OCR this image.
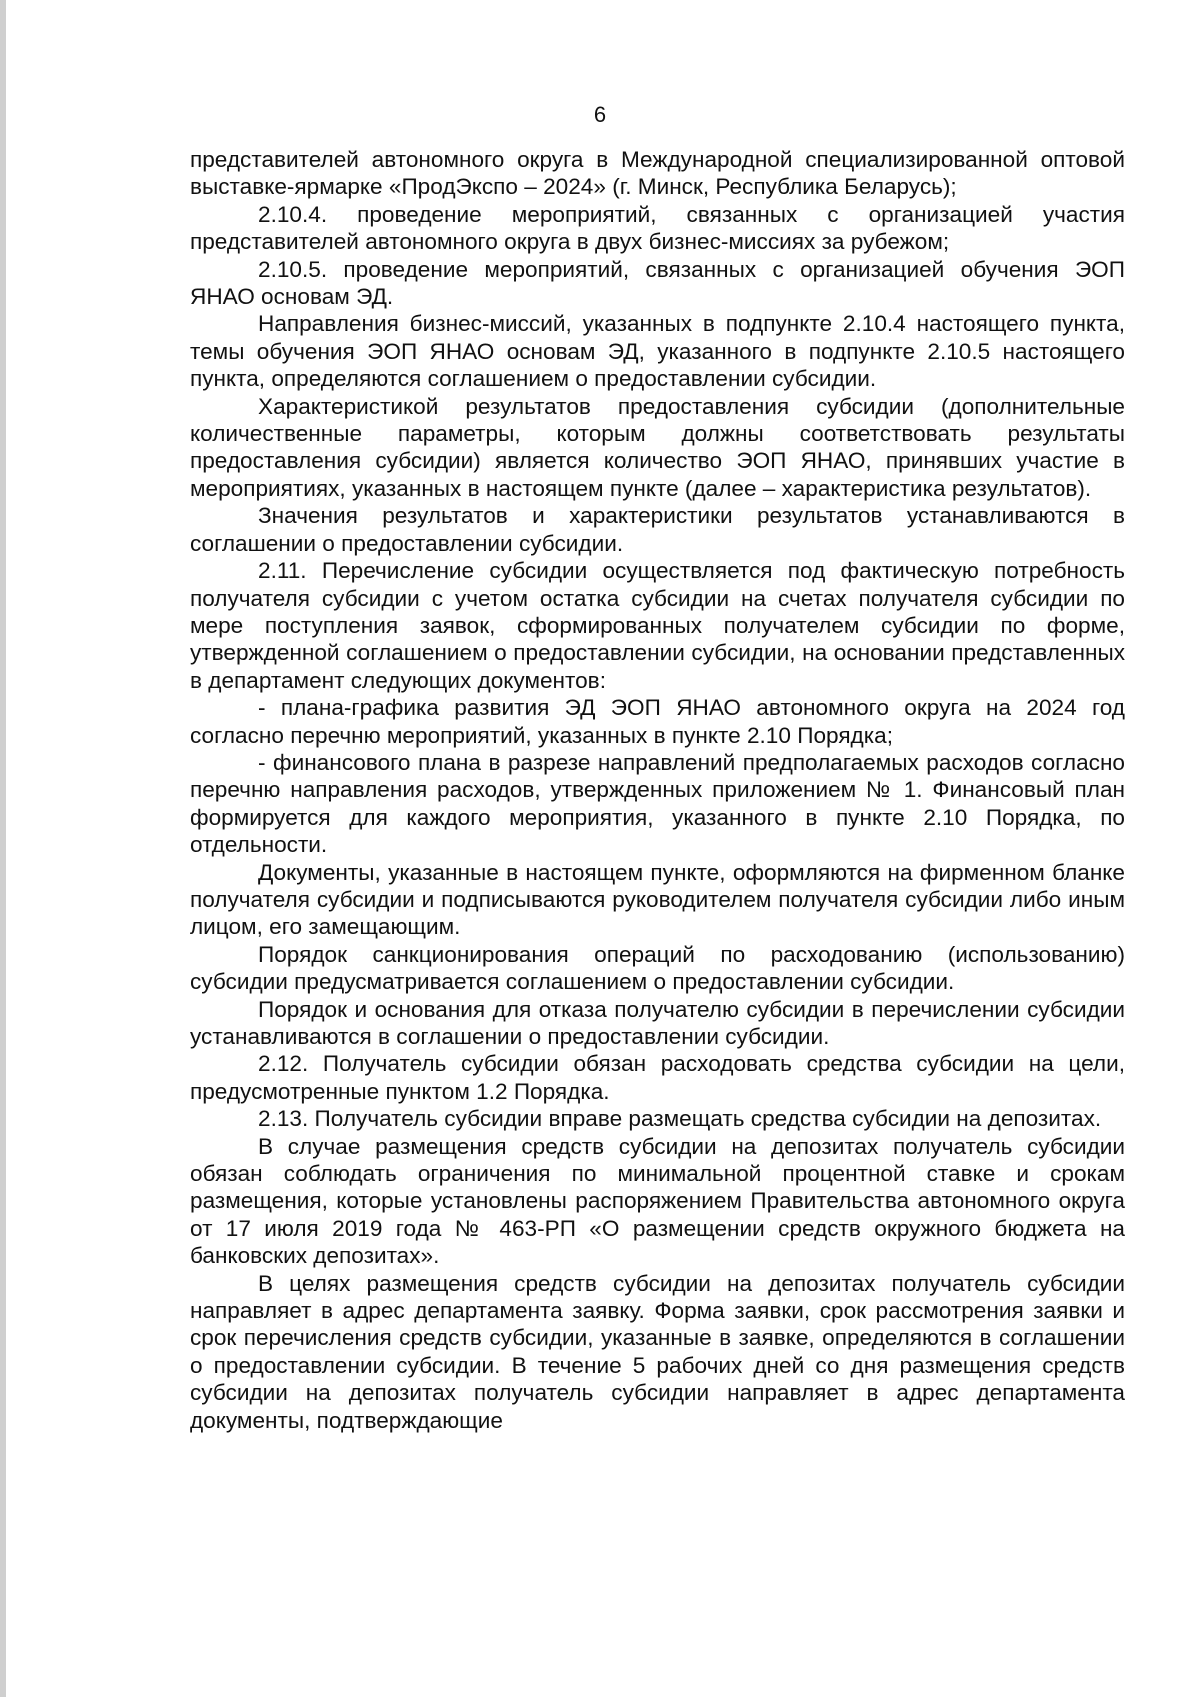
6

представителей автономного округа в Международной специализированной оптовой выставке-ярмарке «ПродЭкспо – 2024» (г. Минск, Республика Беларусь);

2.10.4. проведение мероприятий, связанных с организацией участия представителей автономного округа в двух бизнес-миссиях за рубежом;

2.10.5. проведение мероприятий, связанных с организацией обучения ЭОП ЯНАО основам ЭД.

Направления бизнес-миссий, указанных в подпункте 2.10.4 настоящего пункта, темы обучения ЭОП ЯНАО основам ЭД, указанного в подпункте 2.10.5 настоящего пункта, определяются соглашением о предоставлении субсидии.

Характеристикой результатов предоставления субсидии (дополнительные количественные параметры, которым должны соответствовать результаты предоставления субсидии) является количество ЭОП ЯНАО, принявших участие в мероприятиях, указанных в настоящем пункте (далее – характеристика результатов).

Значения результатов и характеристики результатов устанавливаются в соглашении о предоставлении субсидии.

2.11. Перечисление субсидии осуществляется под фактическую потребность получателя субсидии с учетом остатка субсидии на счетах получателя субсидии по мере поступления заявок, сформированных получателем субсидии по форме, утвержденной соглашением о предоставлении субсидии, на основании представленных в департамент следующих документов:

- плана-графика развития ЭД ЭОП ЯНАО автономного округа на 2024 год согласно перечню мероприятий, указанных в пункте 2.10 Порядка;

- финансового плана в разрезе направлений предполагаемых расходов согласно перечню направления расходов, утвержденных приложением № 1. Финансовый план формируется для каждого мероприятия, указанного в пункте 2.10 Порядка, по отдельности.

Документы, указанные в настоящем пункте, оформляются на фирменном бланке получателя субсидии и подписываются руководителем получателя субсидии либо иным лицом, его замещающим.

Порядок санкционирования операций по расходованию (использованию) субсидии предусматривается соглашением о предоставлении субсидии.

Порядок и основания для отказа получателю субсидии в перечислении субсидии устанавливаются в соглашении о предоставлении субсидии.

2.12. Получатель субсидии обязан расходовать средства субсидии на цели, предусмотренные пунктом 1.2 Порядка.

2.13. Получатель субсидии вправе размещать средства субсидии на депозитах.

В случае размещения средств субсидии на депозитах получатель субсидии обязан соблюдать ограничения по минимальной процентной ставке и срокам размещения, которые установлены распоряжением Правительства автономного округа от 17 июля 2019 года № 463-РП «О размещении средств окружного бюджета на банковских депозитах».

В целях размещения средств субсидии на депозитах получатель субсидии направляет в адрес департамента заявку. Форма заявки, срок рассмотрения заявки и срок перечисления средств субсидии, указанные в заявке, определяются в соглашении о предоставлении субсидии. В течение 5 рабочих дней со дня размещения средств субсидии на депозитах получатель субсидии направляет в адрес департамента документы, подтверждающие
